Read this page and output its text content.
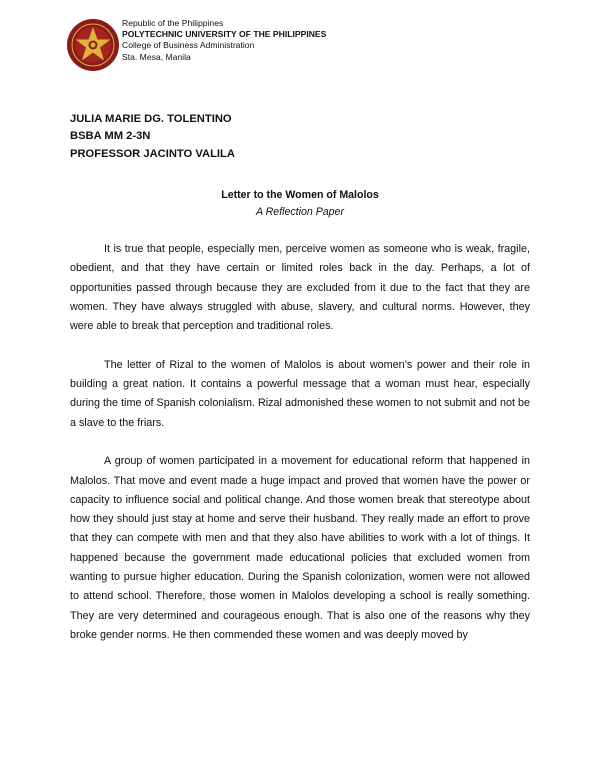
Republic of the Philippines
POLYTECHNIC UNIVERSITY OF THE PHILIPPINES
College of Business Administration
Sta. Mesa, Manila
JULIA MARIE DG. TOLENTINO
BSBA MM 2-3N
PROFESSOR JACINTO VALILA
Letter to the Women of Malolos
A Reflection Paper

It is true that people, especially men, perceive women as someone who is weak, fragile, obedient, and that they have certain or limited roles back in the day. Perhaps, a lot of opportunities passed through because they are excluded from it due to the fact that they are women. They have always struggled with abuse, slavery, and cultural norms. However, they were able to break that perception and traditional roles.

The letter of Rizal to the women of Malolos is about women’s power and their role in building a great nation. It contains a powerful message that a woman must hear, especially during the time of Spanish colonialism. Rizal admonished these women to not submit and not be a slave to the friars.

A group of women participated in a movement for educational reform that happened in Malolos. That move and event made a huge impact and proved that women have the power or capacity to influence social and political change. And those women break that stereotype about how they should just stay at home and serve their husband. They really made an effort to prove that they can compete with men and that they also have abilities to work with a lot of things. It happened because the government made educational policies that excluded women from wanting to pursue higher education. During the Spanish colonization, women were not allowed to attend school. Therefore, those women in Malolos developing a school is really something. They are very determined and courageous enough. That is also one of the reasons why they broke gender norms. He then commended these women and was deeply moved by
